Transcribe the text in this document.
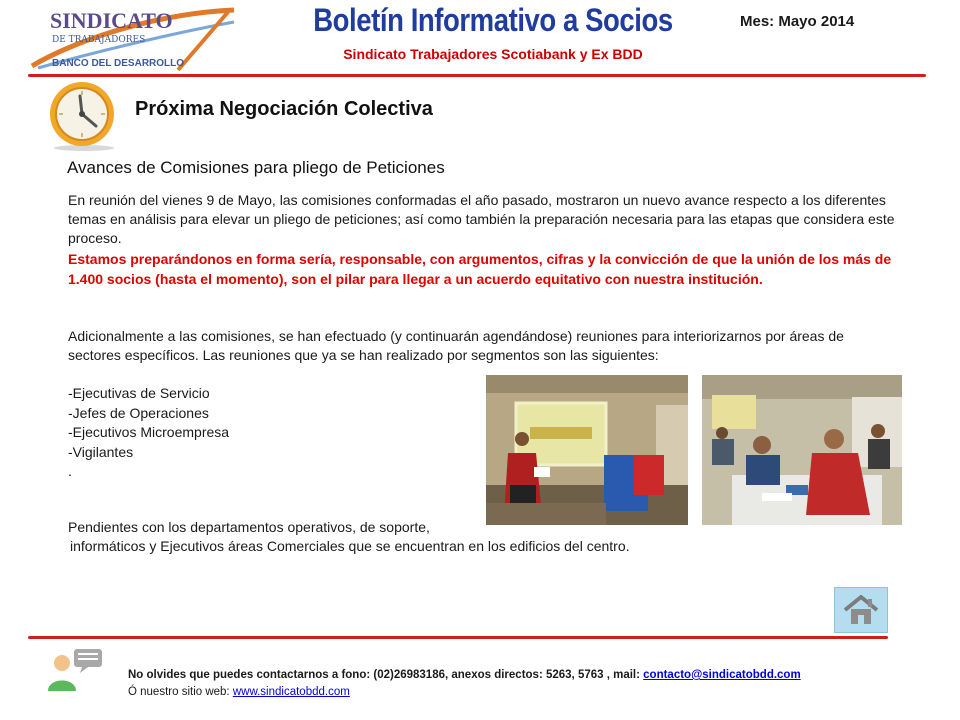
SINDICATO
DE TRABAJADORES
BANCO DEL DESARROLLO
Boletín Informativo a Socios
Sindicato Trabajadores Scotiabank y Ex BDD
Mes: Mayo 2014
Próxima Negociación Colectiva
Avances de Comisiones para pliego de Peticiones
En reunión del vienes 9 de Mayo, las comisiones conformadas el año pasado, mostraron un nuevo avance respecto a los diferentes temas en análisis para elevar un pliego de peticiones; así como también la preparación necesaria para las etapas que considera este proceso.
Estamos preparándonos en forma sería, responsable, con argumentos, cifras y la convicción de que la unión de los más de 1.400 socios (hasta el momento), son el pilar para llegar a un acuerdo equitativo con nuestra institución.
Adicionalmente a las comisiones, se han efectuado (y continuarán agendándose) reuniones para interiorizarnos por áreas de sectores específicos. Las reuniones que ya se han realizado por segmentos son las siguientes:
-Ejecutivas de Servicio
-Jefes de Operaciones
-Ejecutivos Microempresa
-Vigilantes
.
Pendientes con los departamentos operativos, de soporte,
informáticos y Ejecutivos áreas Comerciales que se encuentran en los edificios del centro.
No olvides que puedes contactarnos a fono: (02)26983186, anexos directos: 5263, 5763 , mail: contacto@sindicatobdd.com
Ó nuestro sitio web: www.sindicatobdd.com
